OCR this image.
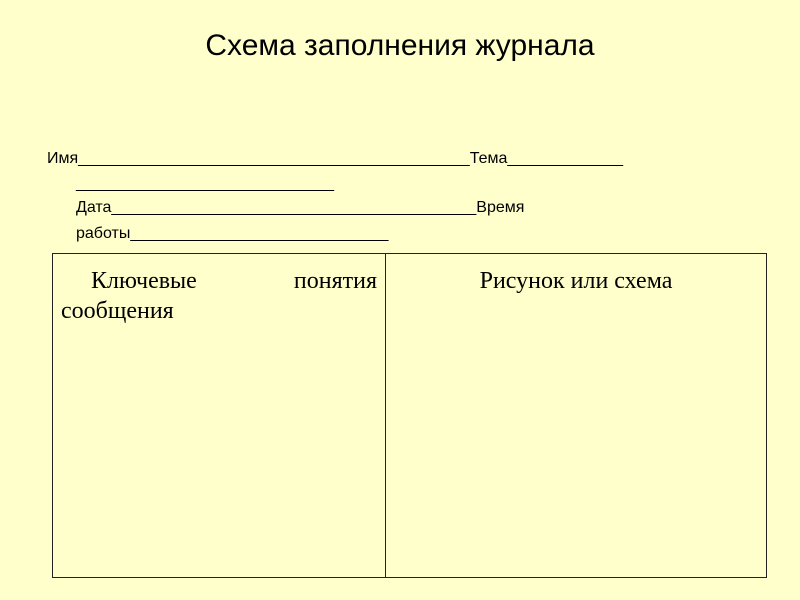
Схема заполнения журнала
Имя____________________________________________Тема_____________
_____________________________
Дата_________________________________________Время
работы_____________________________
Ключевые понятия сообщения	Рисунок или схема
